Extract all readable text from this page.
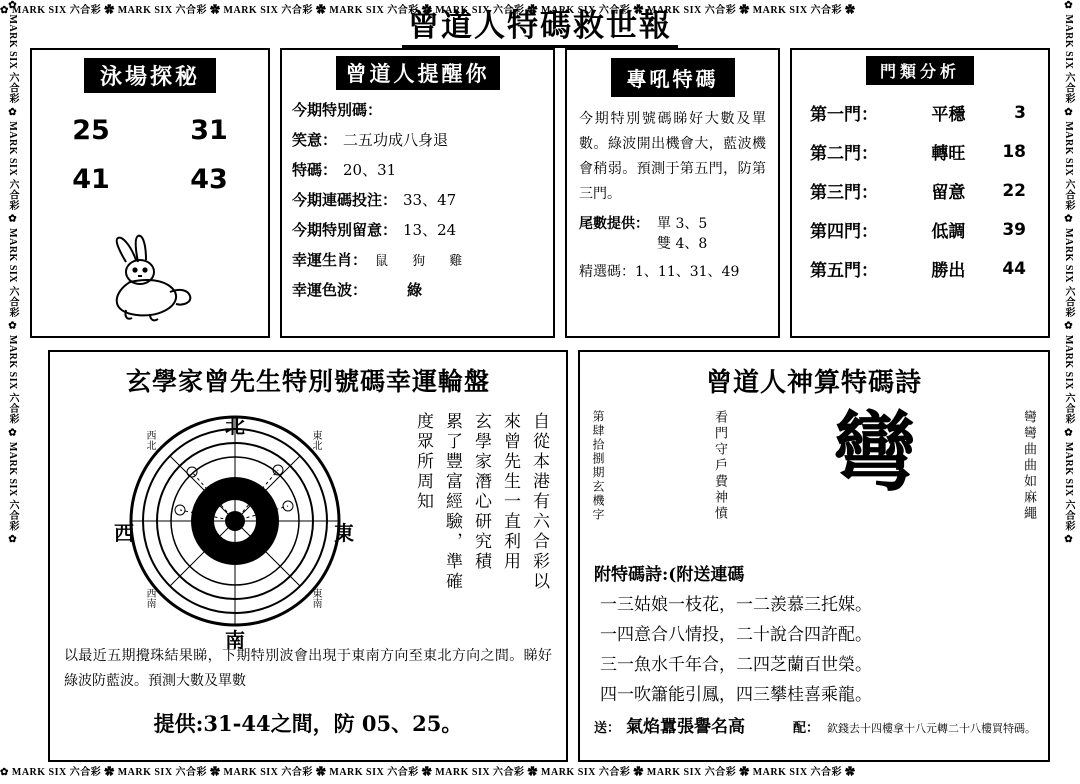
✿ MARK SIX 六合彩 ✿ MARK SIX 六合彩 ✿ MARK SIX 六合彩 ✿ MARK SIX 六合彩 ✿ MARK SIX 六合彩 ✿ MARK SIX 六合彩 ✿ MARK SIX 六合彩 ✿ MARK SIX 六合彩 ✿
✿ MARK SIX 六合彩 ✿ MARK SIX 六合彩 ✿ MARK SIX 六合彩 ✿ MARK SIX 六合彩 ✿ MARK SIX 六合彩 ✿ MARK SIX 六合彩 ✿ MARK SIX 六合彩 ✿ MARK SIX 六合彩 ✿
✿ MARK SIX 六合彩 ✿ MARK SIX 六合彩 ✿ MARK SIX 六合彩 ✿ MARK SIX 六合彩 ✿ MARK SIX 六合彩 ✿	✿ MARK SIX 六合彩 ✿ MARK SIX 六合彩 ✿ MARK SIX 六合彩 ✿ MARK SIX 六合彩 ✿ MARK SIX 六合彩 ✿
曾道人特碼救世報
泳場探秘
25	31
41	43
曾道人提醒你
今期特別碼：
笑意： 二五功成八身退
特碼： 20、31
今期連碼投注： 33、47
今期特別留意： 13、24
幸運生肖： 鼠 狗 雞
幸運色波：	綠
專吼特碼
今期特別號碼睇好大數及單數。綠波開出機會大，藍波機會稍弱。預測于第五門，防第三門。
尾數提供： 單 3、5
雙 4、8
精選碼： 1、11、31、49
門類分析
第一門：	平穩	3
第二門：	轉旺	18
第三門：	留意	22
第四門：	低調	39
第五門：	勝出	44
玄學家曾先生特別號碼幸運輪盤
北
南
西	東
西北	東北
西南	東南
自從本港有六合彩以
來曾先生一直利用
玄學家潛心研究積
累了豐富經驗，準確
度眾所周知
以最近五期攪珠結果睇，下期特別波會出現于東南方向至東北方向之間。睇好綠波防藍波。預測大數及單數
提供:31-44之間，防 05、25。
曾道人神算特碼詩
第肆拾捌期玄機字	看門守戶費神憤 彎	彎彎曲曲如麻繩
附特碼詩:(附送連碼
一三姑娘一枝花，一二羨慕三托媒。
一四意合八情投，二十說合四許配。
三一魚水千年合，二四芝蘭百世榮。
四一吹簫能引鳳，四三攀桂喜乘龍。
送： 氣焰囂張譽名高	配： 欽錢去十四樓拿十八元轉二十八樓買特碼。
